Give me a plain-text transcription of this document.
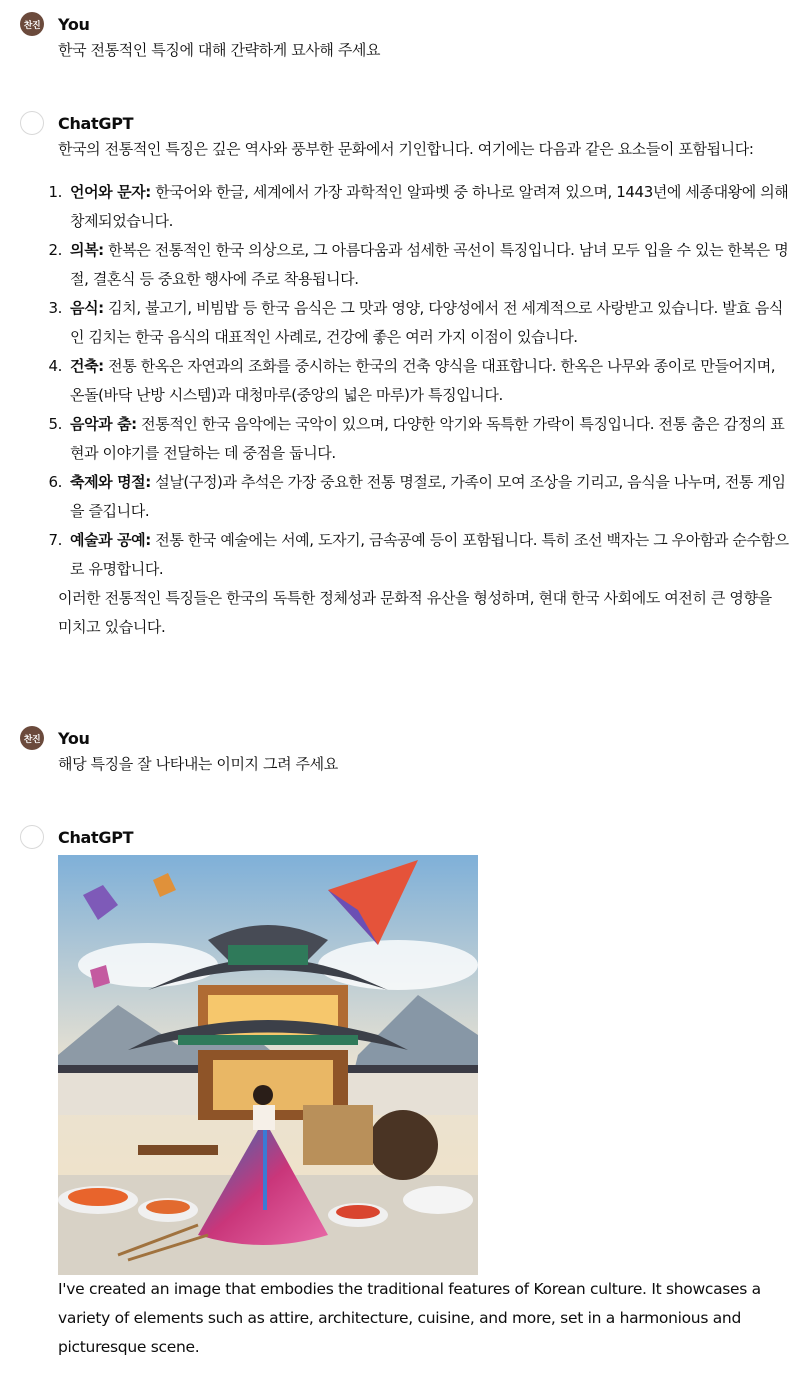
찬진 You

한국 전통적인 특징에 대해 간략하게 묘사해 주세요

ChatGPT

한국의 전통적인 특징은 깊은 역사와 풍부한 문화에서 기인합니다. 여기에는 다음과 같은 요소들이 포함됩니다:

1. 언어와 문자: 한국어와 한글, 세계에서 가장 과학적인 알파벳 중 하나로 알려져 있으며, 1443년에 세종대왕에 의해 창제되었습니다.
2. 의복: 한복은 전통적인 한국 의상으로, 그 아름다움과 섬세한 곡선이 특징입니다. 남녀 모두 입을 수 있는 한복은 명절, 결혼식 등 중요한 행사에 주로 착용됩니다.
3. 음식: 김치, 불고기, 비빔밥 등 한국 음식은 그 맛과 영양, 다양성에서 전 세계적으로 사랑받고 있습니다. 발효 음식인 김치는 한국 음식의 대표적인 사례로, 건강에 좋은 여러 가지 이점이 있습니다.
4. 건축: 전통 한옥은 자연과의 조화를 중시하는 한국의 건축 양식을 대표합니다. 한옥은 나무와 종이로 만들어지며, 온돌(바닥 난방 시스템)과 대청마루(중앙의 넓은 마루)가 특징입니다.
5. 음악과 춤: 전통적인 한국 음악에는 국악이 있으며, 다양한 악기와 독특한 가락이 특징입니다. 전통 춤은 감정의 표현과 이야기를 전달하는 데 중점을 둡니다.
6. 축제와 명절: 설날(구정)과 추석은 가장 중요한 전통 명절로, 가족이 모여 조상을 기리고, 음식을 나누며, 전통 게임을 즐깁니다.
7. 예술과 공예: 전통 한국 예술에는 서예, 도자기, 금속공예 등이 포함됩니다. 특히 조선 백자는 그 우아함과 순수함으로 유명합니다.

이러한 전통적인 특징들은 한국의 독특한 정체성과 문화적 유산을 형성하며, 현대 한국 사회에도 여전히 큰 영향을 미치고 있습니다.

찬진 You

해당 특징을 잘 나타내는 이미지 그려 주세요

ChatGPT

I've created an image that embodies the traditional features of Korean culture. It showcases a variety of elements such as attire, architecture, cuisine, and more, set in a harmonious and picturesque scene.
